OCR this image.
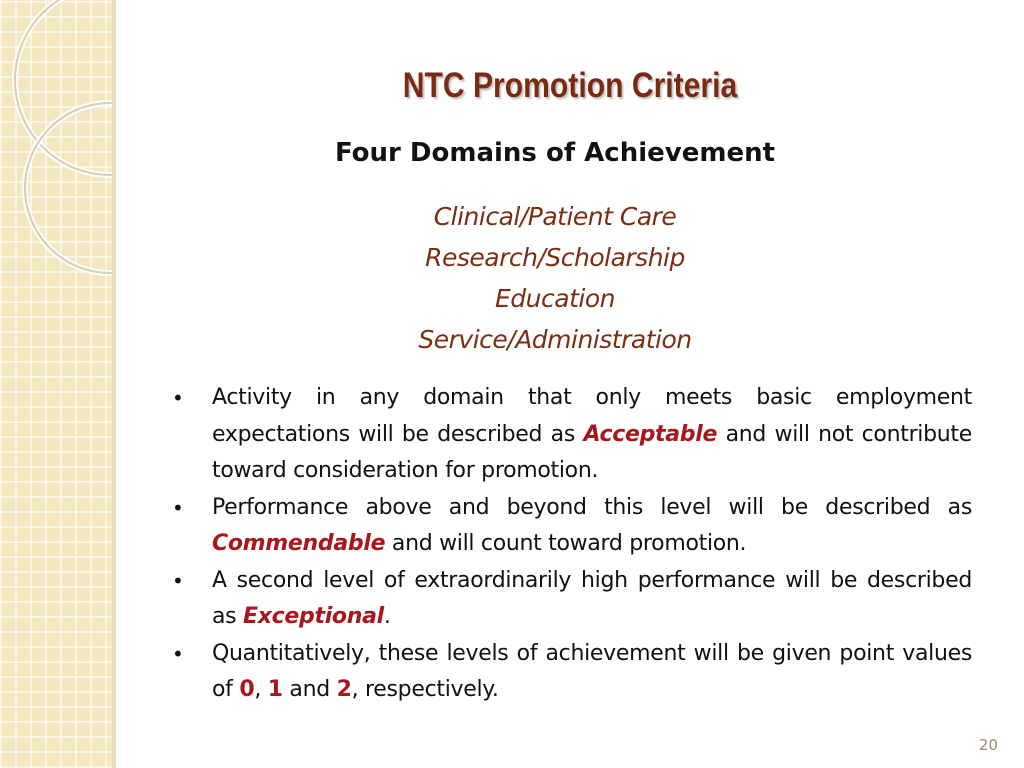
NTC Promotion Criteria
Four Domains of Achievement
Clinical/Patient Care
Research/Scholarship
Education
Service/Administration
• Activity in any domain that only meets basic employment expectations will be described as Acceptable and will not contribute toward consideration for promotion.
• Performance above and beyond this level will be described as Commendable and will count toward promotion.
• A second level of extraordinarily high performance will be described as Exceptional.
• Quantitatively, these levels of achievement will be given point values of 0, 1 and 2, respectively.
20
